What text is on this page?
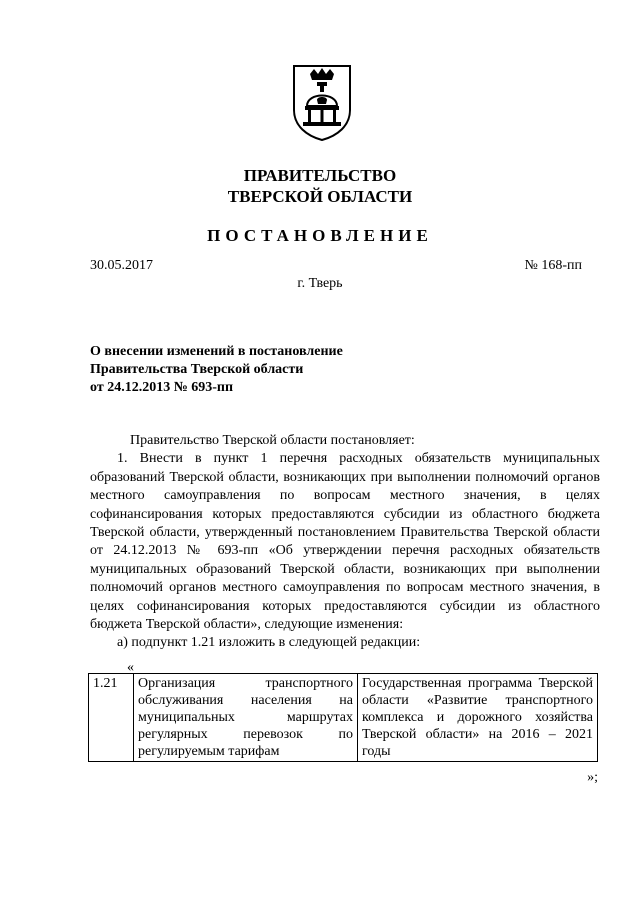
ПРАВИТЕЛЬСТВО
ТВЕРСКОЙ ОБЛАСТИ
ПОСТАНОВЛЕНИЕ
30.05.2017	№ 168-пп
г. Тверь
О внесении изменений в постановление
Правительства Тверской области
от 24.12.2013 № 693-пп
Правительство Тверской области постановляет:
1. Внести в пункт 1 перечня расходных обязательств муниципальных образований Тверской области, возникающих при выполнении полномочий органов местного самоуправления по вопросам местного значения, в целях софинансирования которых предоставляются субсидии из областного бюджета Тверской области, утвержденный постановлением Правительства Тверской области от 24.12.2013 № 693-пп «Об утверждении перечня расходных обязательств муниципальных образований Тверской области, возникающих при выполнении полномочий органов местного самоуправления по вопросам местного значения, в целях софинансирования которых предоставляются субсидии из областного бюджета Тверской области», следующие изменения:
а) подпункт 1.21 изложить в следующей редакции:
«
1.21	Организация транспортного обслуживания населения на муниципальных маршрутах регулярных перевозок по регулируемым тарифам	Государственная программа Тверской области «Развитие транспортного комплекса и дорожного хозяйства Тверской области» на 2016 – 2021 годы
»;
